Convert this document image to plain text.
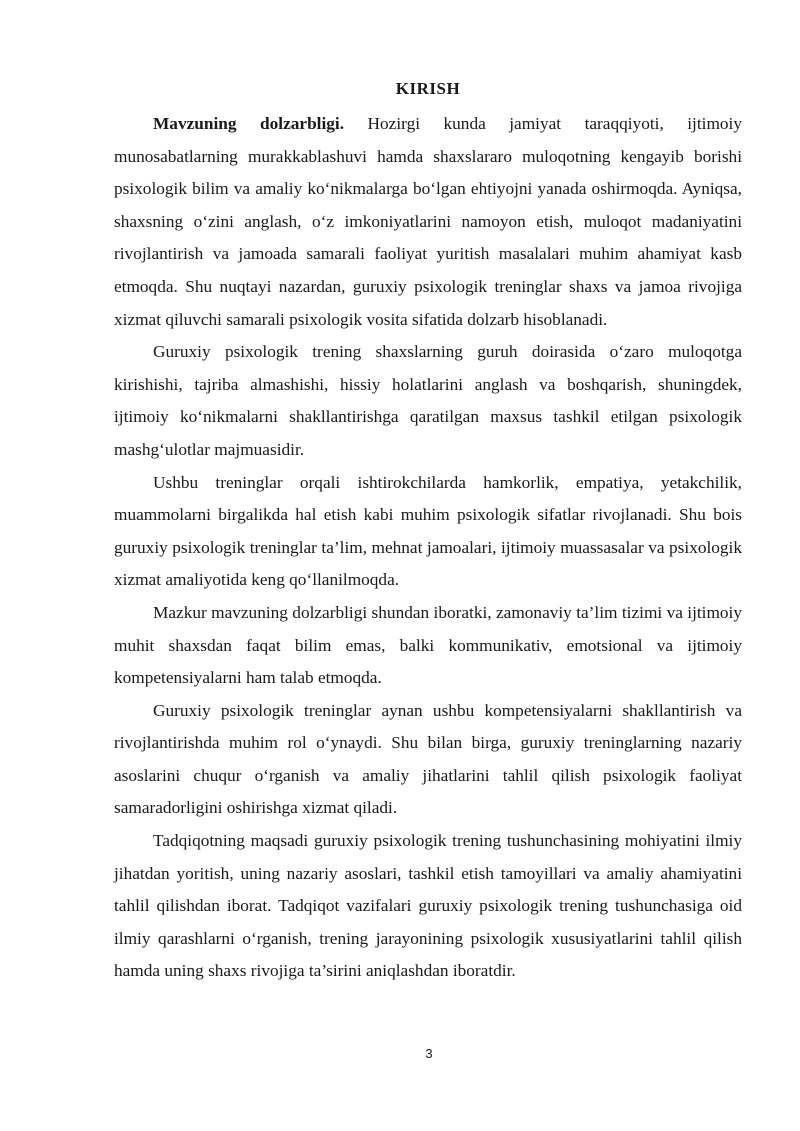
KIRISH

Mavzuning dolzarbligi. Hozirgi kunda jamiyat taraqqiyoti, ijtimoiy munosabatlarning murakkablashuvi hamda shaxslararo muloqotning kengayib borishi psixologik bilim va amaliy ko‘nikmalarga bo‘lgan ehtiyojni yanada oshirmoqda. Ayniqsa, shaxsning o‘zini anglash, o‘z imkoniyatlarini namoyon etish, muloqot madaniyatini rivojlantirish va jamoada samarali faoliyat yuritish masalalari muhim ahamiyat kasb etmoqda. Shu nuqtayi nazardan, guruxiy psixologik treninglar shaxs va jamoa rivojiga xizmat qiluvchi samarali psixologik vosita sifatida dolzarb hisoblanadi.

Guruxiy psixologik trening shaxslarning guruh doirasida o‘zaro muloqotga kirishishi, tajriba almashishi, hissiy holatlarini anglash va boshqarish, shuningdek, ijtimoiy ko‘nikmalarni shakllantirishga qaratilgan maxsus tashkil etilgan psixologik mashg‘ulotlar majmuasidir.

Ushbu treninglar orqali ishtirokchilarda hamkorlik, empatiya, yetakchilik, muammolarni birgalikda hal etish kabi muhim psixologik sifatlar rivojlanadi. Shu bois guruxiy psixologik treninglar ta’lim, mehnat jamoalari, ijtimoiy muassasalar va psixologik xizmat amaliyotida keng qo‘llanilmoqda.

Mazkur mavzuning dolzarbligi shundan iboratki, zamonaviy ta’lim tizimi va ijtimoiy muhit shaxsdan faqat bilim emas, balki kommunikativ, emotsional va ijtimoiy kompetensiyalarni ham talab etmoqda.

Guruxiy psixologik treninglar aynan ushbu kompetensiyalarni shakllantirish va rivojlantirishda muhim rol o‘ynaydi. Shu bilan birga, guruxiy treninglarning nazariy asoslarini chuqur o‘rganish va amaliy jihatlarini tahlil qilish psixologik faoliyat samaradorligini oshirishga xizmat qiladi.

Tadqiqotning maqsadi guruxiy psixologik trening tushunchasining mohiyatini ilmiy jihatdan yoritish, uning nazariy asoslari, tashkil etish tamoyillari va amaliy ahamiyatini tahlil qilishdan iborat. Tadqiqot vazifalari guruxiy psixologik trening tushunchasiga oid ilmiy qarashlarni o‘rganish, trening jarayonining psixologik xususiyatlarini tahlil qilish hamda uning shaxs rivojiga ta’sirini aniqlashdan iboratdir.

3
